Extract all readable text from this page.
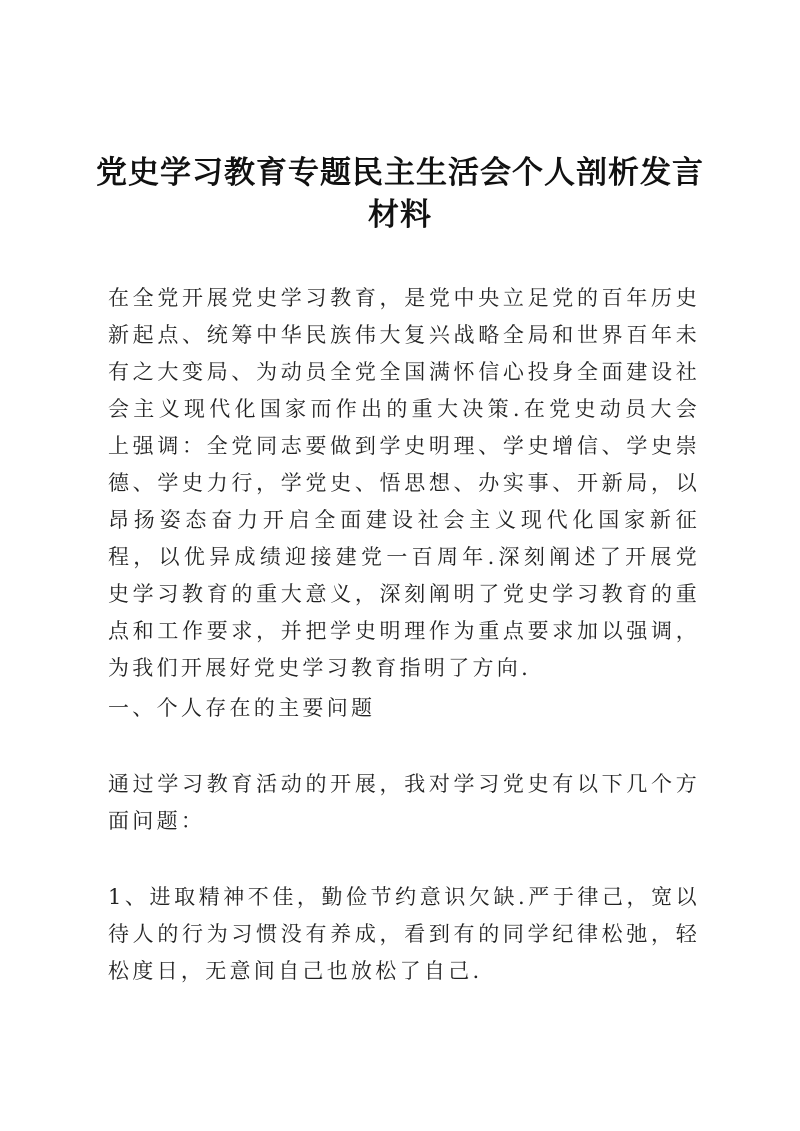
党史学习教育专题民主生活会个人剖析发言材料

在全党开展党史学习教育，是党中央立足党的百年历史新起点、统筹中华民族伟大复兴战略全局和世界百年未有之大变局、为动员全党全国满怀信心投身全面建设社会主义现代化国家而作出的重大决策.在党史动员大会上强调：全党同志要做到学史明理、学史增信、学史崇德、学史力行，学党史、悟思想、办实事、开新局，以昂扬姿态奋力开启全面建设社会主义现代化国家新征程，以优异成绩迎接建党一百周年.深刻阐述了开展党史学习教育的重大意义，深刻阐明了党史学习教育的重点和工作要求，并把学史明理作为重点要求加以强调，为我们开展好党史学习教育指明了方向.

一、个人存在的主要问题

通过学习教育活动的开展，我对学习党史有以下几个方面问题：

1、进取精神不佳，勤俭节约意识欠缺.严于律己，宽以待人的行为习惯没有养成，看到有的同学纪律松弛，轻松度日，无意间自己也放松了自己.
